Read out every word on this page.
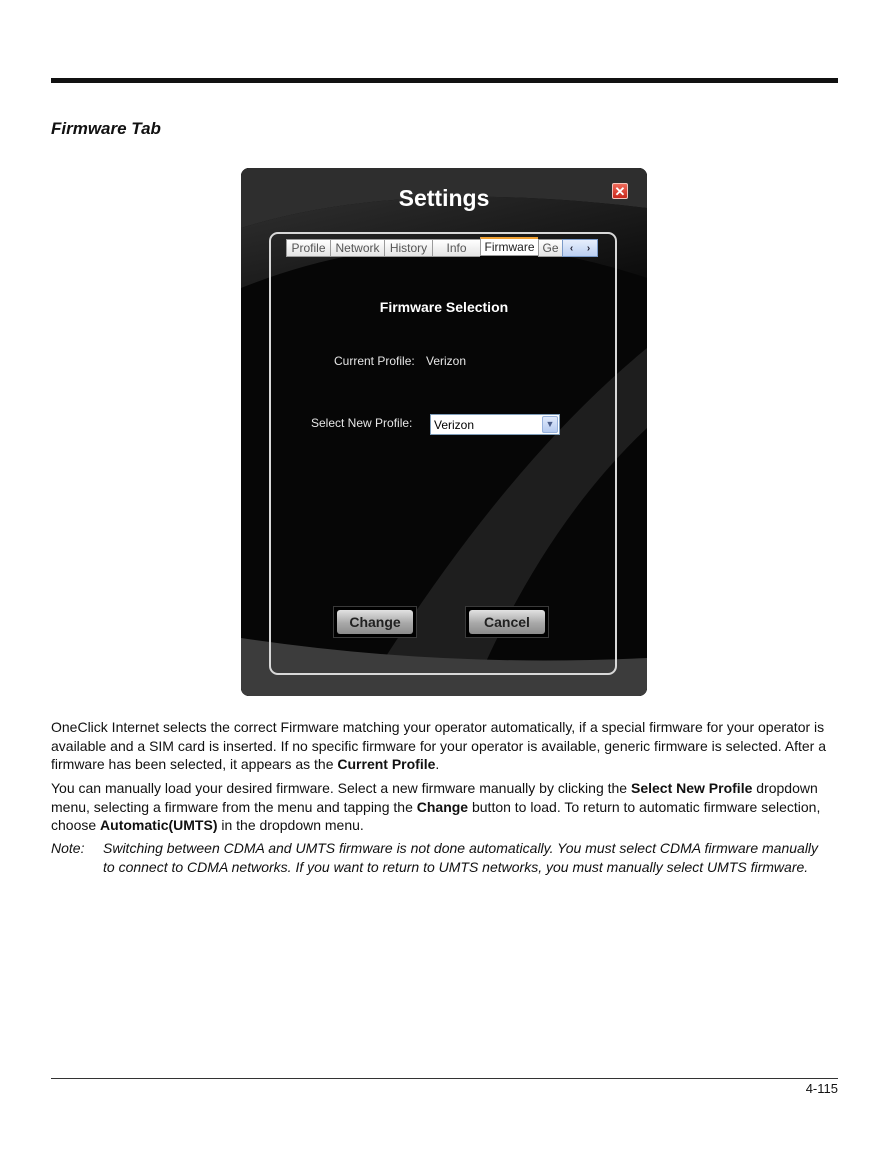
Firmware Tab
Settings	✕
Profile Network History	Info	Firmware Ge	‹ ›
Firmware Selection
Current Profile: Verizon
Select New Profile: Verizon	▼
Change	Cancel

OneClick Internet selects the correct Firmware matching your operator automatically, if a special firmware for your operator is available and a SIM card is inserted. If no specific firmware for your operator is available, generic firmware is selected. After a firmware has been selected, it appears as the Current Profile.

You can manually load your desired firmware. Select a new firmware manually by clicking the Select New Profile dropdown menu, selecting a firmware from the menu and tapping the Change button to load. To return to automatic firmware selection, choose Automatic(UMTS) in the dropdown menu.

Note: Switching between CDMA and UMTS firmware is not done automatically. You must select CDMA firmware manually
to connect to CDMA networks. If you want to return to UMTS networks, you must manually select UMTS firmware.
4-115
